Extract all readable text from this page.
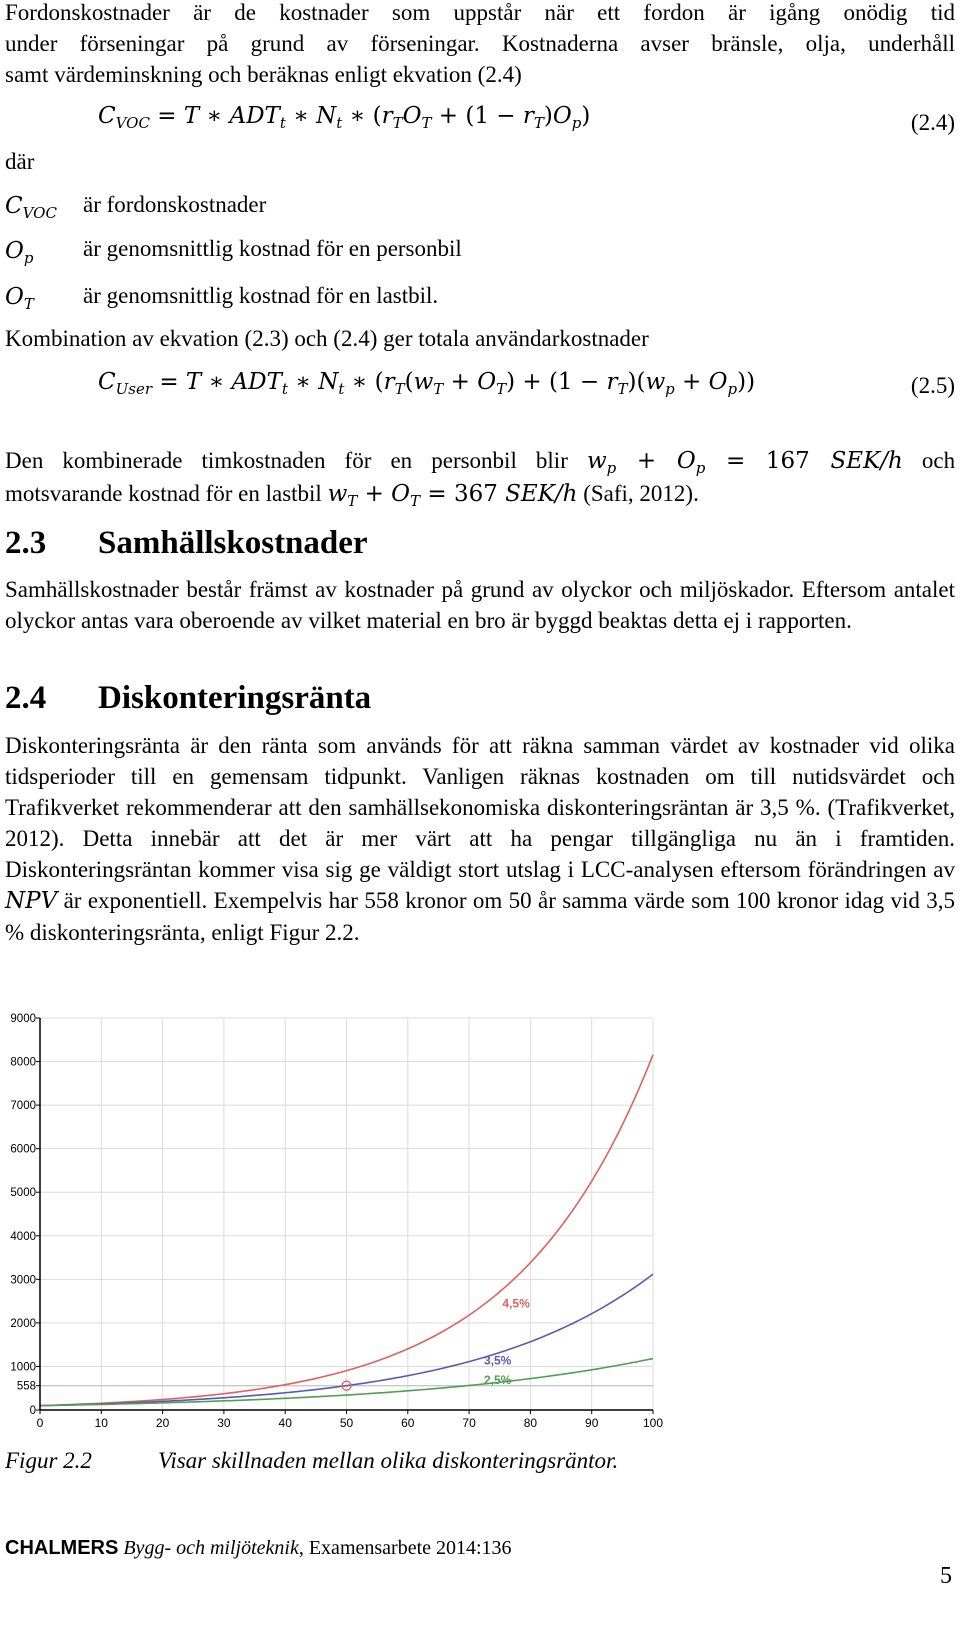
Fordonskostnader är de kostnader som uppstår när ett fordon är igång onödig tid
under förseningar på grund av förseningar. Kostnaderna avser bränsle, olja, underhåll
samt värdeminskning och beräknas enligt ekvation (2.4)
$C_{VOC} = T$ ∗ $ADT_t$ ∗ $N_t$ ∗ $(r_TO_T + (1 - r_T)O_p)$	(2.4)
där
$C_{VOC}$ är fordonskostnader
$O_p$ är genomsnittlig kostnad för en personbil
$O_T$ är genomsnittlig kostnad för en lastbil.
Kombination av ekvation (2.3) och (2.4) ger totala användarkostnader
$C_{User} = T$ ∗ $ADT_t$ ∗ $N_t$ ∗ $(r_T(w_T + O_T) + (1 - r_T)(w_p + O_p))$	(2.5)
Den kombinerade timkostnaden för en personbil blir $w_p + O_p = 167$ SEK/h och
motsvarande kostnad för en lastbil $w_T + O_T = 367$ SEK/h (Safi, 2012).
2.3 Samhällskostnader
Samhällskostnader består främst av kostnader på grund av olyckor och miljöskador. Eftersom antalet olyckor antas vara oberoende av vilket material en bro är byggd beaktas detta ej i rapporten.
2.4 Diskonteringsränta
Diskonteringsränta är den ränta som används för att räkna samman värdet av kostnader vid olika tidsperioder till en gemensam tidpunkt. Vanligen räknas kostnaden om till nutidsvärdet och Trafikverket rekommenderar att den samhällsekonomiska diskonteringsräntan är 3,5 %. (Trafikverket, 2012). Detta innebär att det är mer värt att ha pengar tillgängliga nu än i framtiden. Diskonteringsräntan kommer visa sig ge väldigt stort utslag i LCC-analysen eftersom förändringen av NPV är exponentiell. Exempelvis har 558 kronor om 50 år samma värde som 100 kronor idag vid 3,5 % diskonteringsränta, enligt Figur 2.2.
0
558
1000
2000
3000
4000
5000
6000
7000
8000
9000
0	10	20	30	40	50	60	70	80	90	100
4,5%
3,5%
2,5%
Figur 2.2	Visar skillnaden mellan olika diskonteringsräntor.
CHALMERS Bygg- och miljöteknik, Examensarbete 2014:136
5
